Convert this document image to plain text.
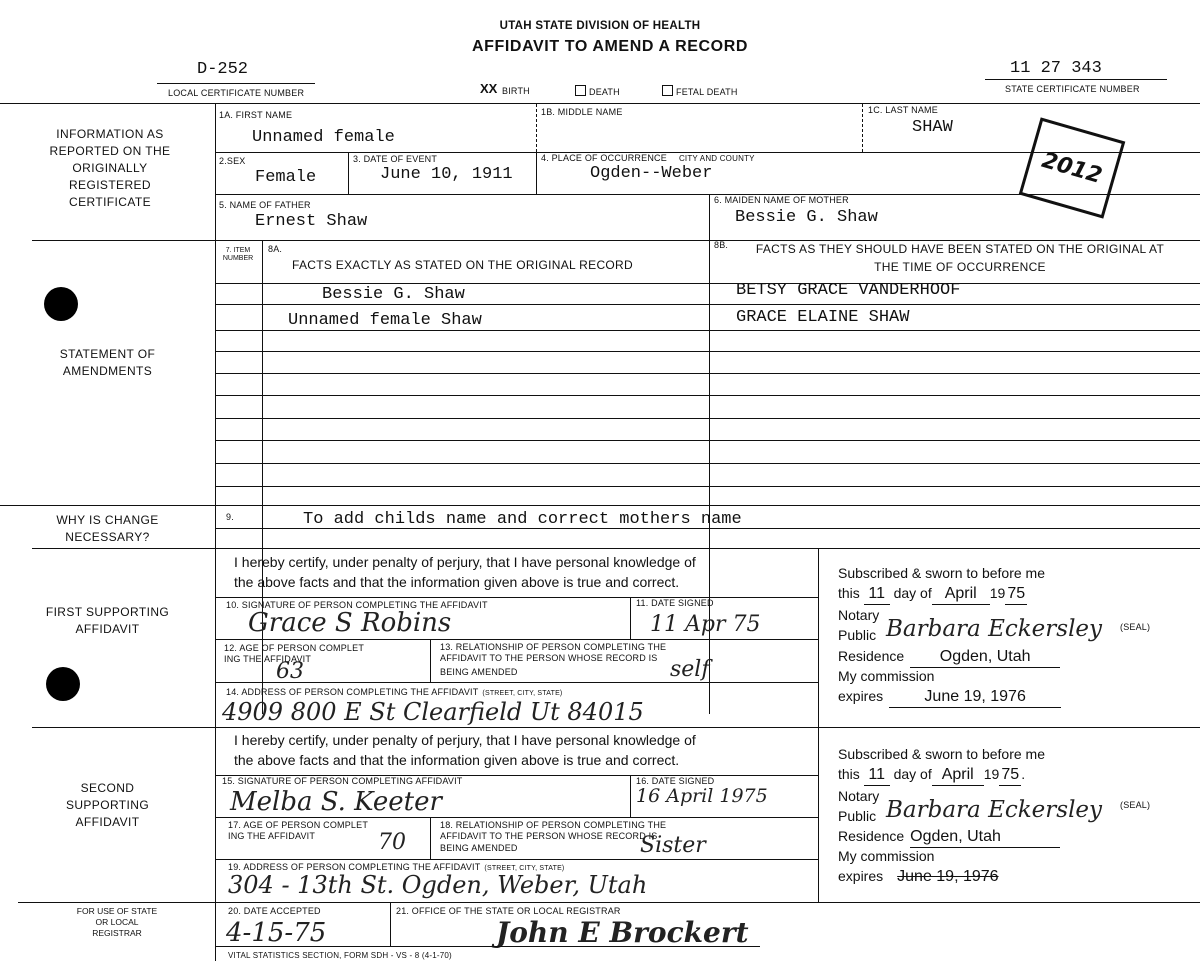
UTAH STATE DIVISION OF HEALTH
AFFIDAVIT TO AMEND A RECORD
D-252
LOCAL CERTIFICATE NUMBER
11 27 343
STATE CERTIFICATE NUMBER
XX BIRTH	DEATH	FETAL DEATH
2012
INFORMATION AS REPORTED ON THE ORIGINALLY REGISTERED CERTIFICATE
1A. FIRST NAME
Unnamed female
1B. MIDDLE NAME	1C. LAST NAME
SHAW
2.SEX
Female
3. DATE OF EVENT
June 10, 1911
4. PLACE OF OCCURRENCE CITY AND COUNTY
Ogden--Weber
5. NAME OF FATHER
Ernest Shaw
6. MAIDEN NAME OF MOTHER
Bessie G. Shaw
STATEMENT OF AMENDMENTS
7. ITEM NUMBER
8A.
FACTS EXACTLY AS STATED ON THE ORIGINAL RECORD
8B.	FACTS AS THEY SHOULD HAVE BEEN STATED ON THE ORIGINAL AT THE TIME OF OCCURRENCE
Bessie G. Shaw	BETSY GRACE VANDERHOOF
Unnamed female Shaw	GRACE ELAINE SHAW
WHY IS CHANGE NECESSARY?
9.	To add childs name and correct mothers name
FIRST SUPPORTING AFFIDAVIT
I hereby certify, under penalty of perjury, that I have personal knowledge of
the above facts and that the information given above is true and correct.
10. SIGNATURE OF PERSON COMPLETING THE AFFIDAVIT
Grace S Robins
11. DATE SIGNED
11 Apr 75
12. AGE OF PERSON COMPLET
ING THE AFFIDAVIT
63
13. RELATIONSHIP OF PERSON COMPLETING THE
AFFIDAVIT TO THE PERSON WHOSE RECORD IS
BEING AMENDED	self
14. ADDRESS OF PERSON COMPLETING THE AFFIDAVIT (STREET, CITY, STATE)
4909 800 E St Clearfield Ut 84015
Subscribed & sworn to before me
this 11 day of April 19 75
Notary
Public Barbara Eckersley (SEAL)
Residence Ogden, Utah
My commission
expires	June 19, 1976
SECOND SUPPORTING AFFIDAVIT
I hereby certify, under penalty of perjury, that I have personal knowledge of
the above facts and that the information given above is true and correct.
15. SIGNATURE OF PERSON COMPLETING AFFIDAVIT
Melba S. Keeter
16. DATE SIGNED
16 April 1975
17. AGE OF PERSON COMPLET
ING THE AFFIDAVIT	70
18. RELATIONSHIP OF PERSON COMPLETING THE
AFFIDAVIT TO THE PERSON WHOSE RECORD IS
BEING AMENDED	Sister
19. ADDRESS OF PERSON COMPLETING THE AFFIDAVIT (STREET, CITY, STATE)
304 - 13th St. Ogden, Weber, Utah
Subscribed & sworn to before me
this 11 day of April 19 75 .
Notary
Public Barbara Eckersley (SEAL)
Residence Ogden, Utah
My commission
expires June 19, 1976
FOR USE OF STATE OR LOCAL REGISTRAR
20. DATE ACCEPTED
4-15-75
21. OFFICE OF THE STATE OR LOCAL REGISTRAR
John E Brockert
VITAL STATISTICS SECTION, FORM SDH - VS - 8 (4-1-70)
